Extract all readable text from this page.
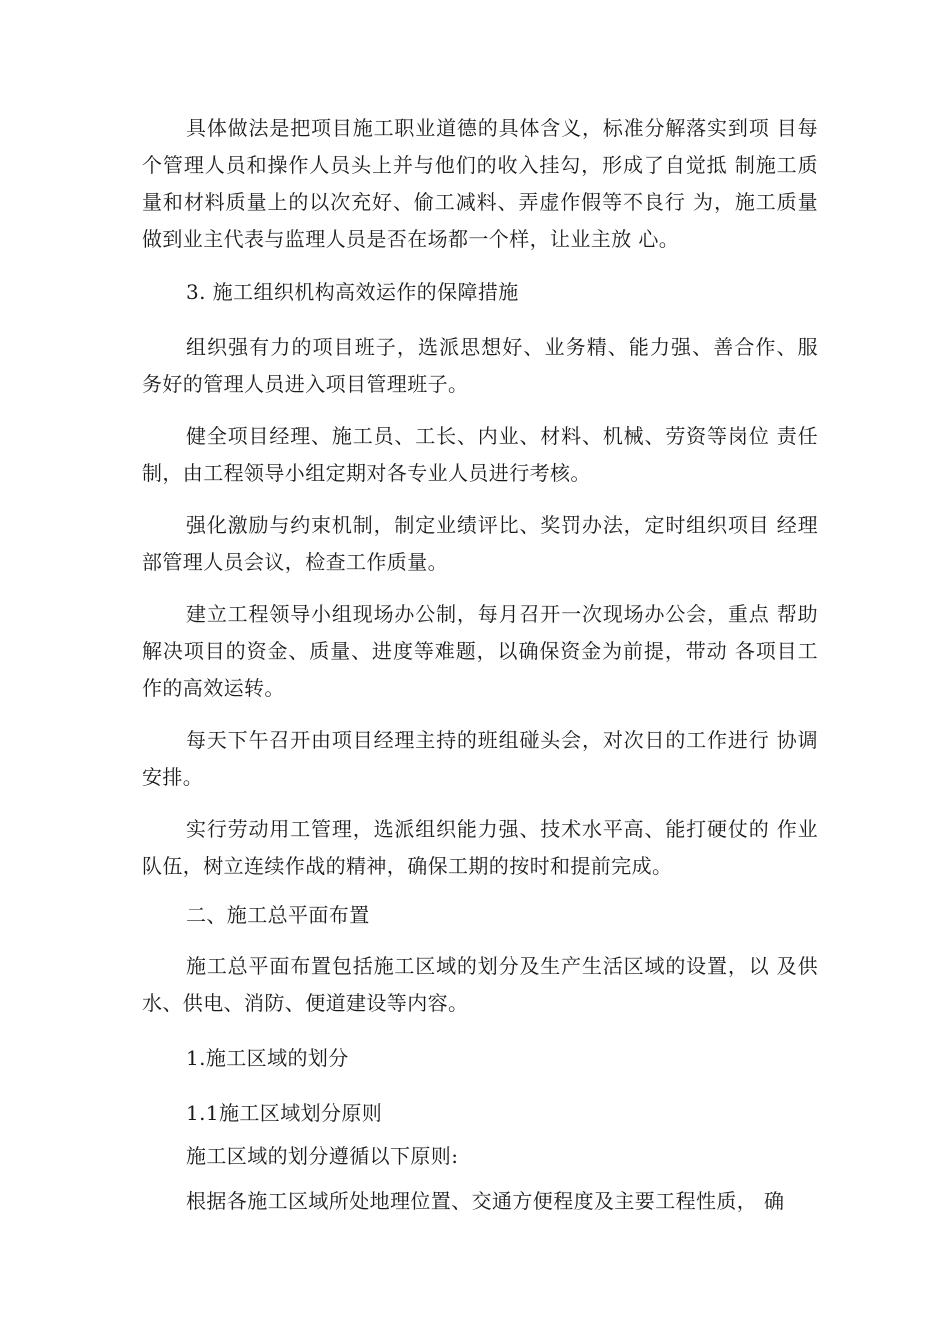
具体做法是把项目施工职业道德的具体含义，标准分解落实到项 目每个管理人员和操作人员头上并与他们的收入挂勾，形成了自觉抵 制施工质量和材料质量上的以次充好、偷工减料、弄虚作假等不良行 为，施工质量做到业主代表与监理人员是否在场都一个样，让业主放 心。

3. 施工组织机构高效运作的保障措施

组织强有力的项目班子，选派思想好、业务精、能力强、善合作、服务好的管理人员进入项目管理班子。

健全项目经理、施工员、工长、内业、材料、机械、劳资等岗位 责任制，由工程领导小组定期对各专业人员进行考核。

强化激励与约束机制，制定业绩评比、奖罚办法，定时组织项目 经理部管理人员会议，检查工作质量。

建立工程领导小组现场办公制，每月召开一次现场办公会，重点 帮助解决项目的资金、质量、进度等难题，以确保资金为前提，带动 各项目工作的高效运转。

每天下午召开由项目经理主持的班组碰头会，对次日的工作进行 协调安排。

实行劳动用工管理，选派组织能力强、技术水平高、能打硬仗的 作业队伍，树立连续作战的精神，确保工期的按时和提前完成。

二、施工总平面布置

施工总平面布置包括施工区域的划分及生产生活区域的设置，以 及供水、供电、消防、便道建设等内容。

1.施工区域的划分

1.1施工区域划分原则

施工区域的划分遵循以下原则:

根据各施工区域所处地理位置、交通方便程度及主要工程性质， 确
